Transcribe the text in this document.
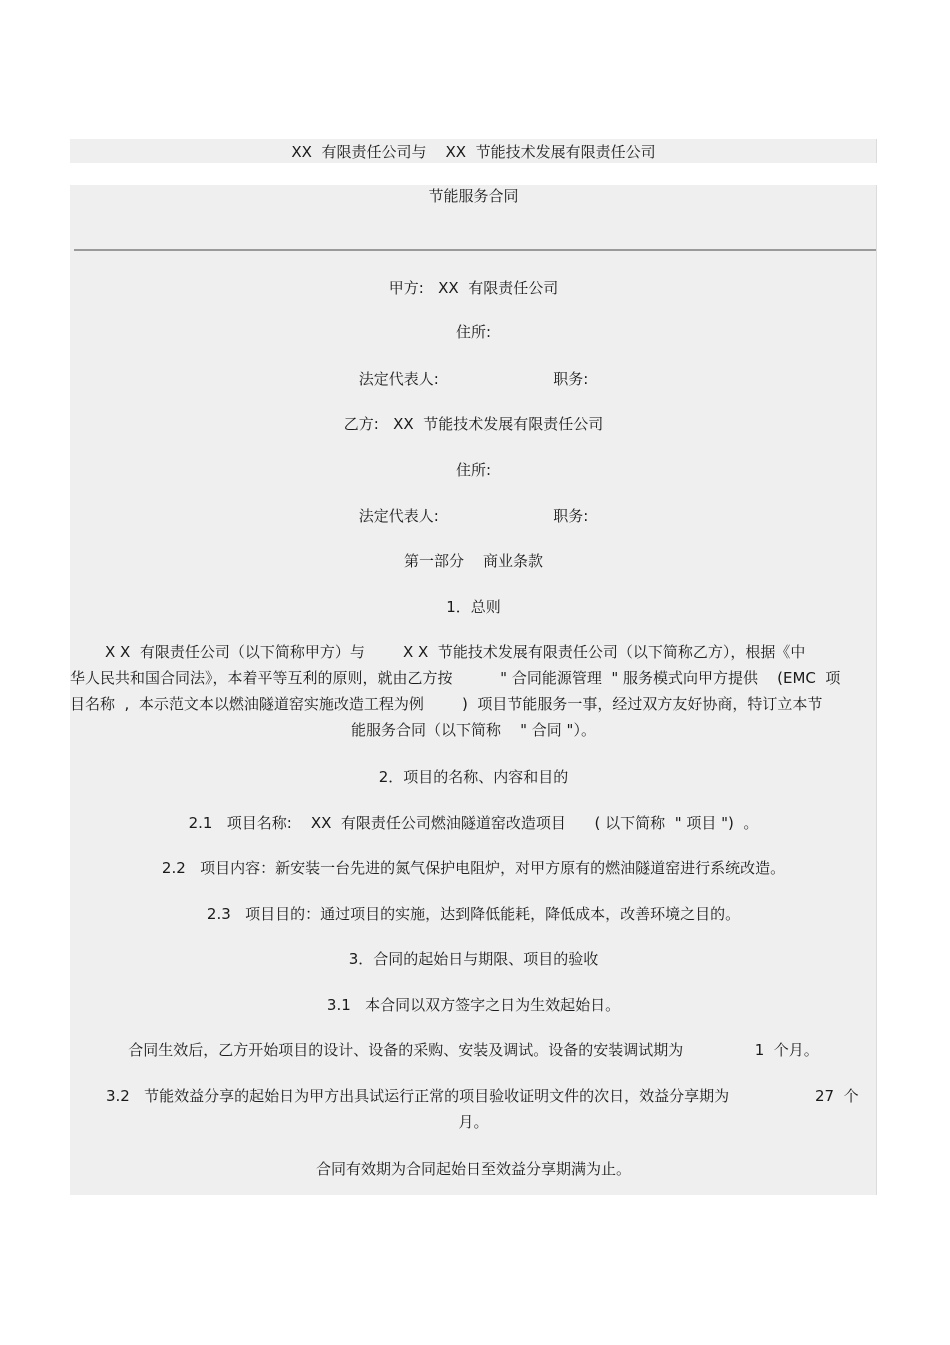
XX  有限责任公司与    XX  节能技术发展有限责任公司
节能服务合同
甲方:   XX  有限责任公司
住所:
法定代表人:                        职务:
乙方:   XX  节能技术发展有限责任公司
住所:
法定代表人:                        职务:
第一部分    商业条款
1．总则
X X  有限责任公司（以下简称甲方）与        X X  节能技术发展有限责任公司（以下简称乙方），根据《中
华人民共和国合同法》，本着平等互利的原则，就由乙方按          " 合同能源管理  " 服务模式向甲方提供    (EMC  项
目名称  ,  本示范文本以燃油隧道窑实施改造工程为例        )  项目节能服务一事，经过双方友好协商，特订立本节
能服务合同（以下简称    " 合同 "）。
2．项目的名称、内容和目的
2.1   项目名称:    XX  有限责任公司燃油隧道窑改造项目      ( 以下简称  " 项目 ")  。
2.2   项目内容：新安装一台先进的氮气保护电阻炉，对甲方原有的燃油隧道窑进行系统改造。
2.3   项目目的：通过项目的实施，达到降低能耗，降低成本，改善环境之目的。
3．合同的起始日与期限、项目的验收
3.1   本合同以双方签字之日为生效起始日。
合同生效后，乙方开始项目的设计、设备的采购、安装及调试。设备的安装调试期为               1  个月。
3.2   节能效益分享的起始日为甲方出具试运行正常的项目验收证明文件的次日，效益分享期为                  27  个
月。
合同有效期为合同起始日至效益分享期满为止。
